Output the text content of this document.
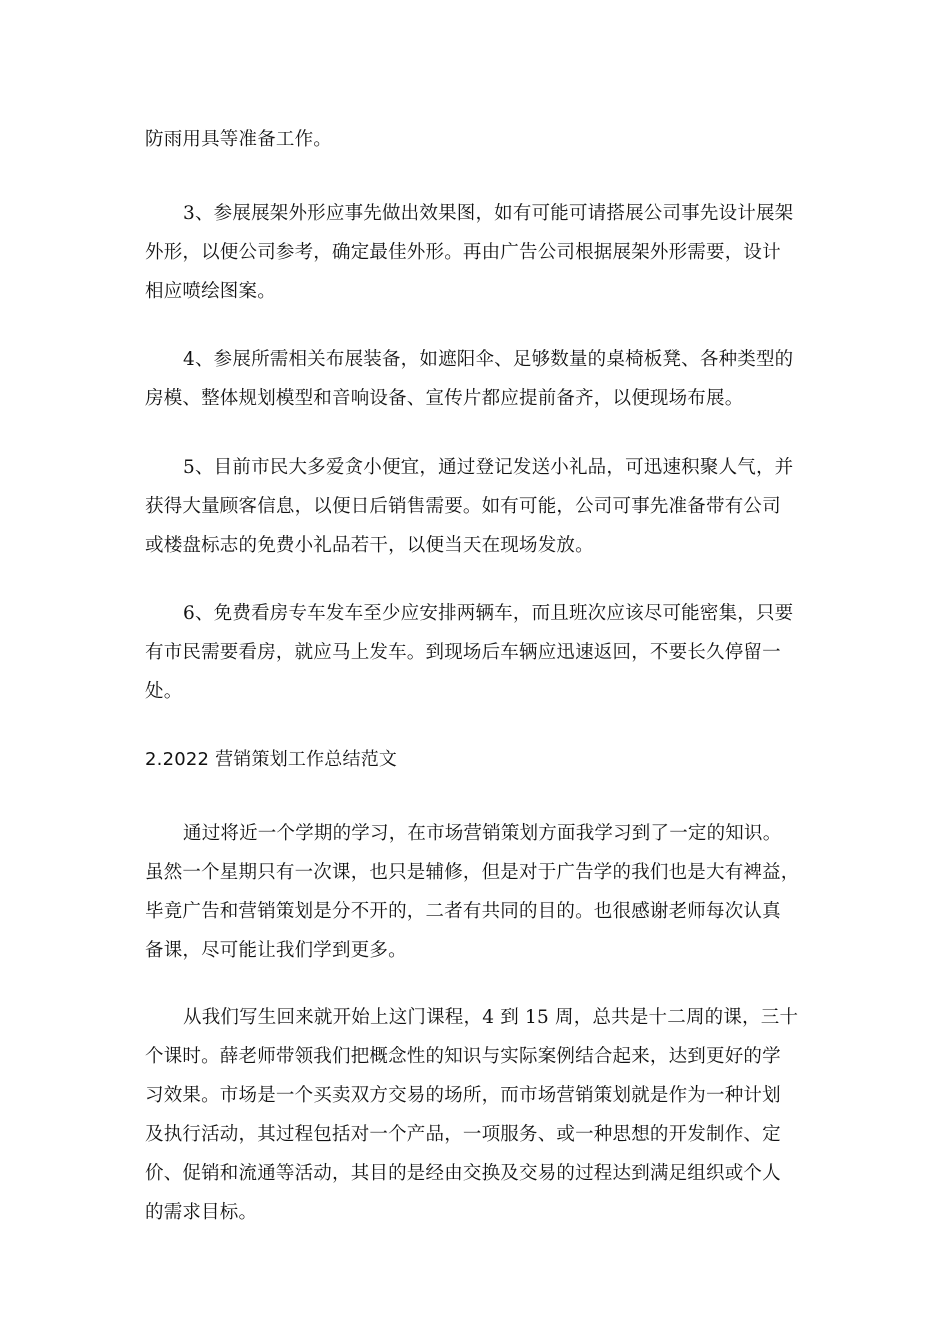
防雨用具等准备工作。
3、参展展架外形应事先做出效果图，如有可能可请搭展公司事先设计展架
外形，以便公司参考，确定最佳外形。再由广告公司根据展架外形需要，设计
相应喷绘图案。
4、参展所需相关布展装备，如遮阳伞、足够数量的桌椅板凳、各种类型的
房模、整体规划模型和音响设备、宣传片都应提前备齐，以便现场布展。
5、目前市民大多爱贪小便宜，通过登记发送小礼品，可迅速积聚人气，并
获得大量顾客信息，以便日后销售需要。如有可能，公司可事先准备带有公司
或楼盘标志的免费小礼品若干，以便当天在现场发放。
6、免费看房专车发车至少应安排两辆车，而且班次应该尽可能密集，只要
有市民需要看房，就应马上发车。到现场后车辆应迅速返回，不要长久停留一
处。
2.2022 营销策划工作总结范文
通过将近一个学期的学习，在市场营销策划方面我学习到了一定的知识。
虽然一个星期只有一次课，也只是辅修，但是对于广告学的我们也是大有裨益，
毕竟广告和营销策划是分不开的，二者有共同的目的。也很感谢老师每次认真
备课，尽可能让我们学到更多。
从我们写生回来就开始上这门课程，4 到 15 周，总共是十二周的课，三十
个课时。薛老师带领我们把概念性的知识与实际案例结合起来，达到更好的学
习效果。市场是一个买卖双方交易的场所，而市场营销策划就是作为一种计划
及执行活动，其过程包括对一个产品，一项服务、或一种思想的开发制作、定
价、促销和流通等活动，其目的是经由交换及交易的过程达到满足组织或个人
的需求目标。
